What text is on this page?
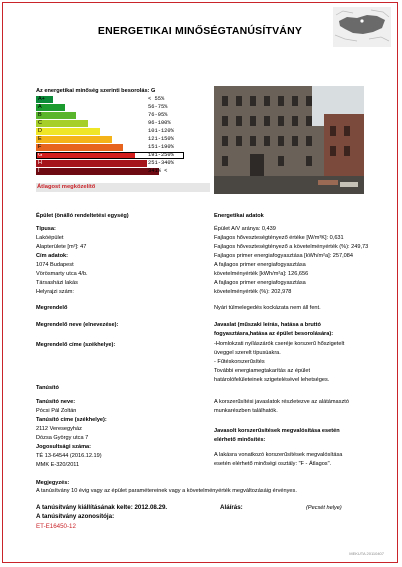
ENERGETIKAI MINŐSÉGTANÚSÍTVÁNY
Az energetikai minőség szerinti besorolás: G
A+	< 55%
A	56-75%
B	76-95%
C	96-100%
D	101-120%
E	121-150%
F	151-190%
G	191-250%
H	251-340%
I	341% <
Átlagost megközelítő
Épület (önálló rendeltetési egység)
Típusa:
Lakóépület
Alapterülete [m²]: 47
Cím adatok:
1074 Budapest
Vörösmarty utca 4/b.
Társasházi lakás
Helyrajzi szám:
Energetikai adatok
Épület A/V aránya: 0,439
Fajlagos hőveszteségtényező értéke [W/m³K]: 0,631
Fajlagos hőveszteségtényező a követelményérték (%): 249,73
Fajlagos primer energiafogyasztása [kWh/m²a]: 257,084
A fajlagos primer energiafogyasztása
követelményérték [kWh/m²a]: 126,656
A fajlagos primer energiafogyasztása
követelményérték (%): 202,978
Megrendelő	Nyári túlmelegedés kockázata nem áll fent.
Megrendelő neve (elnevezése):
Megrendelő címe (székhelye):
Javaslat (műszaki leírás, hatása a bruttó
fogyasztásra,hatása az épület besorolására):
-Homlokzati nyílászárók cseréje korszerű hőszigetelt
üveggel szerelt típusúakra.
- Fűtéskorszerűsítés
További energiamegtakarítás az épület
határolófelületeinek szigetelésével lehetséges.
Tanúsító
Tanúsító neve:
Pócsi Pál Zoltán
Tanúsító címe (székhelye):
2112 Veresegyház
Dózsa György utca 7
Jogosultsági száma:
TÉ 13-64544 (2016.12.19)
MMK E-320/2011
A korszerűsítési javaslatok részletezve az alátámasztó
munkarészben találhatók.
Javasolt korszerűsítések megvalósítása esetén
elérhető minősítés:
A lakásra vonatkozó korszerűsítések megvalósítása
esetén elérhető minőségi osztály: "F - Átlagos".
Megjegyzés:
A tanúsítvány 10 évig vagy az épület paramétereinek vagy a követelményérték megváltozásáig érvényes.
A tanúsítvány kiállításának kelte: 2012.08.29.
A tanúsítvány azonosítója:
ET-E16450-12
Aláírás:	(Pecsét helye)
MEKUTA 20110407
